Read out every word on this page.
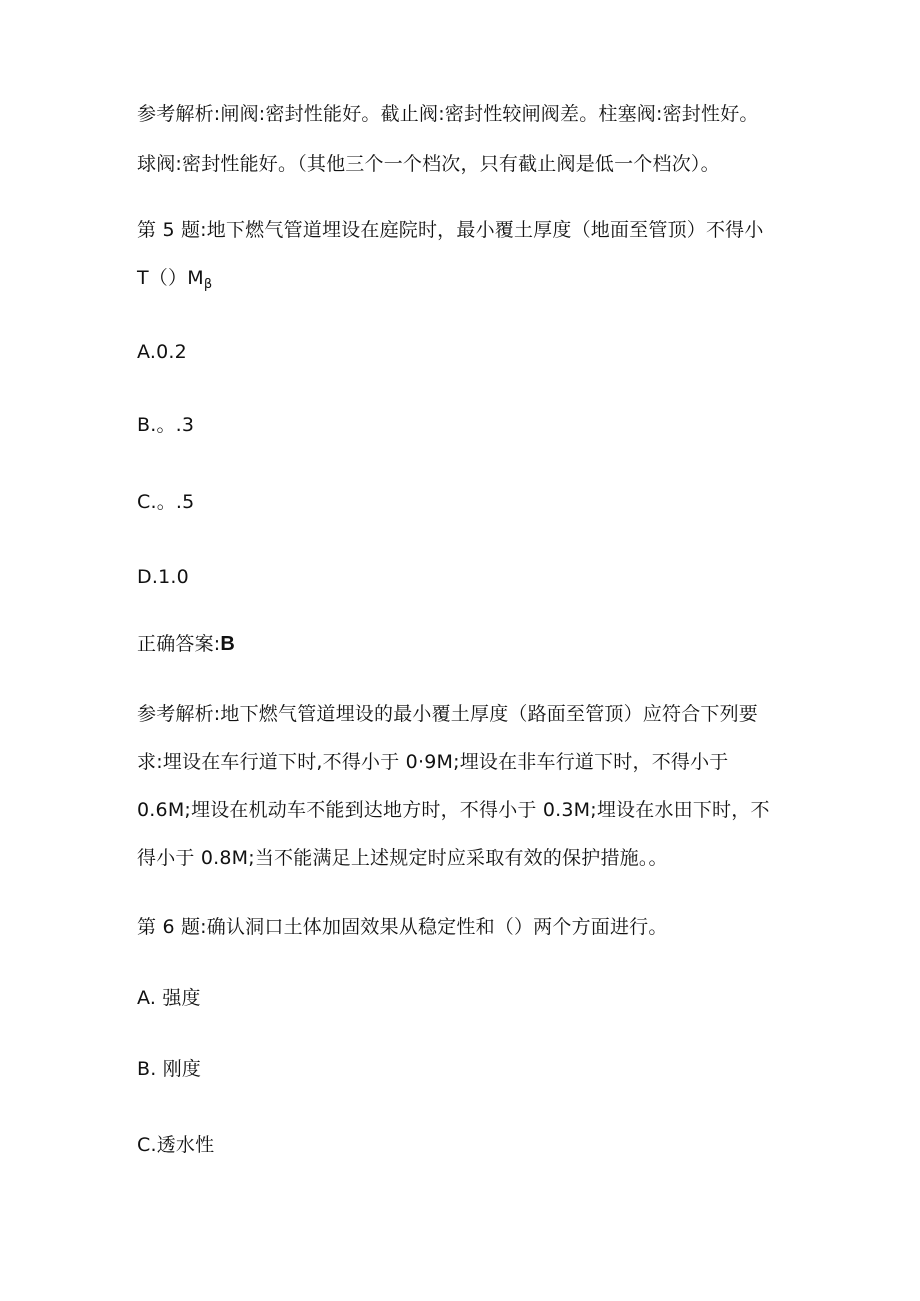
参考解析:闸阀:密封性能好。截止阀:密封性较闸阀差。柱塞阀:密封性好。
球阀:密封性能好。（其他三个一个档次，只有截止阀是低一个档次）。
第 5 题:地下燃气管道埋设在庭院时，最小覆土厚度（地面至管顶）不得小
$T()M_\beta$
A.0.2
B.。.3
C.。.5
D.1.0
正确答案:B
参考解析:地下燃气管道埋设的最小覆土厚度（路面至管顶）应符合下列要
求:埋设在车行道下时,不得小于 0·9M;埋设在非车行道下时，不得小于
0.6M;埋设在机动车不能到达地方时，不得小于 0.3M;埋设在水田下时，不
得小于 0.8M;当不能满足上述规定时应采取有效的保护措施。。
第 6 题:确认洞口土体加固效果从稳定性和（）两个方面进行。
A. 强度
B. 刚度
C.透水性
